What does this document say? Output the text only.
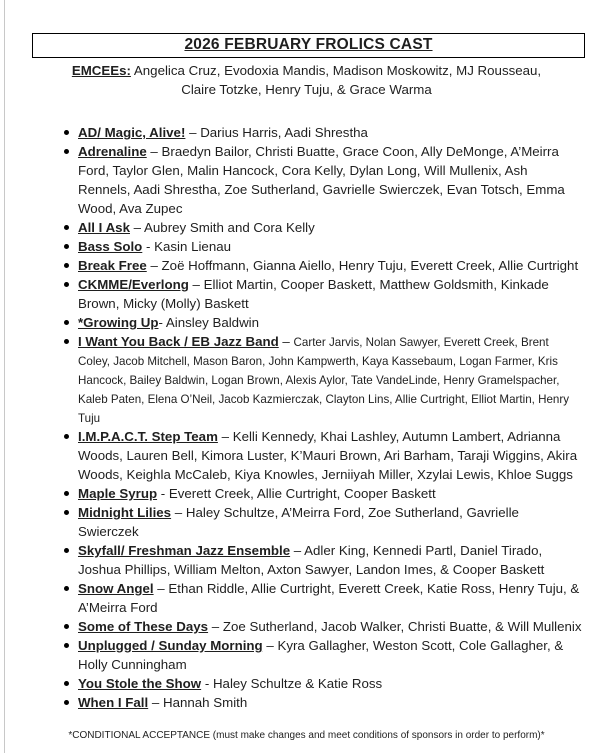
2026 FEBRUARY FROLICS CAST
EMCEEs: Angelica Cruz, Evodoxia Mandis, Madison Moskowitz, MJ Rousseau,
Claire Totzke, Henry Tuju, & Grace Warma
AD/ Magic, Alive! – Darius Harris, Aadi Shrestha
Adrenaline – Braedyn Bailor, Christi Buatte, Grace Coon, Ally DeMonge, A’Meirra Ford, Taylor Glen, Malin Hancock, Cora Kelly, Dylan Long, Will Mullenix, Ash Rennels, Aadi Shrestha, Zoe Sutherland, Gavrielle Swierczek, Evan Totsch, Emma Wood, Ava Zupec
All I Ask – Aubrey Smith and Cora Kelly
Bass Solo - Kasin Lienau
Break Free – Zoë Hoffmann, Gianna Aiello, Henry Tuju, Everett Creek, Allie Curtright
CKMME/Everlong – Elliot Martin, Cooper Baskett, Matthew Goldsmith, Kinkade Brown, Micky (Molly) Baskett
*Growing Up- Ainsley Baldwin
I Want You Back / EB Jazz Band – Carter Jarvis, Nolan Sawyer, Everett Creek, Brent Coley, Jacob Mitchell, Mason Baron, John Kampwerth, Kaya Kassebaum, Logan Farmer, Kris Hancock, Bailey Baldwin, Logan Brown, Alexis Aylor, Tate VandeLinde, Henry Gramelspacher, Kaleb Paten, Elena O’Neil, Jacob Kazmierczak, Clayton Lins, Allie Curtright, Elliot Martin, Henry Tuju
I.M.P.A.C.T. Step Team – Kelli Kennedy, Khai Lashley, Autumn Lambert, Adrianna Woods, Lauren Bell, Kimora Luster, K’Mauri Brown, Ari Barham, Taraji Wiggins, Akira Woods, Keighla McCaleb, Kiya Knowles, Jerniiyah Miller, Xzylai Lewis, Khloe Suggs
Maple Syrup - Everett Creek, Allie Curtright, Cooper Baskett
Midnight Lilies – Haley Schultze, A’Meirra Ford, Zoe Sutherland, Gavrielle Swierczek
Skyfall/ Freshman Jazz Ensemble – Adler King, Kennedi Partl, Daniel Tirado, Joshua Phillips, William Melton, Axton Sawyer, Landon Imes, & Cooper Baskett
Snow Angel – Ethan Riddle, Allie Curtright, Everett Creek, Katie Ross, Henry Tuju, & A’Meirra Ford
Some of These Days – Zoe Sutherland, Jacob Walker, Christi Buatte, & Will Mullenix
Unplugged / Sunday Morning – Kyra Gallagher, Weston Scott, Cole Gallagher, & Holly Cunningham
You Stole the Show - Haley Schultze & Katie Ross
When I Fall – Hannah Smith
*CONDITIONAL ACCEPTANCE (must make changes and meet conditions of sponsors in order to perform)*
